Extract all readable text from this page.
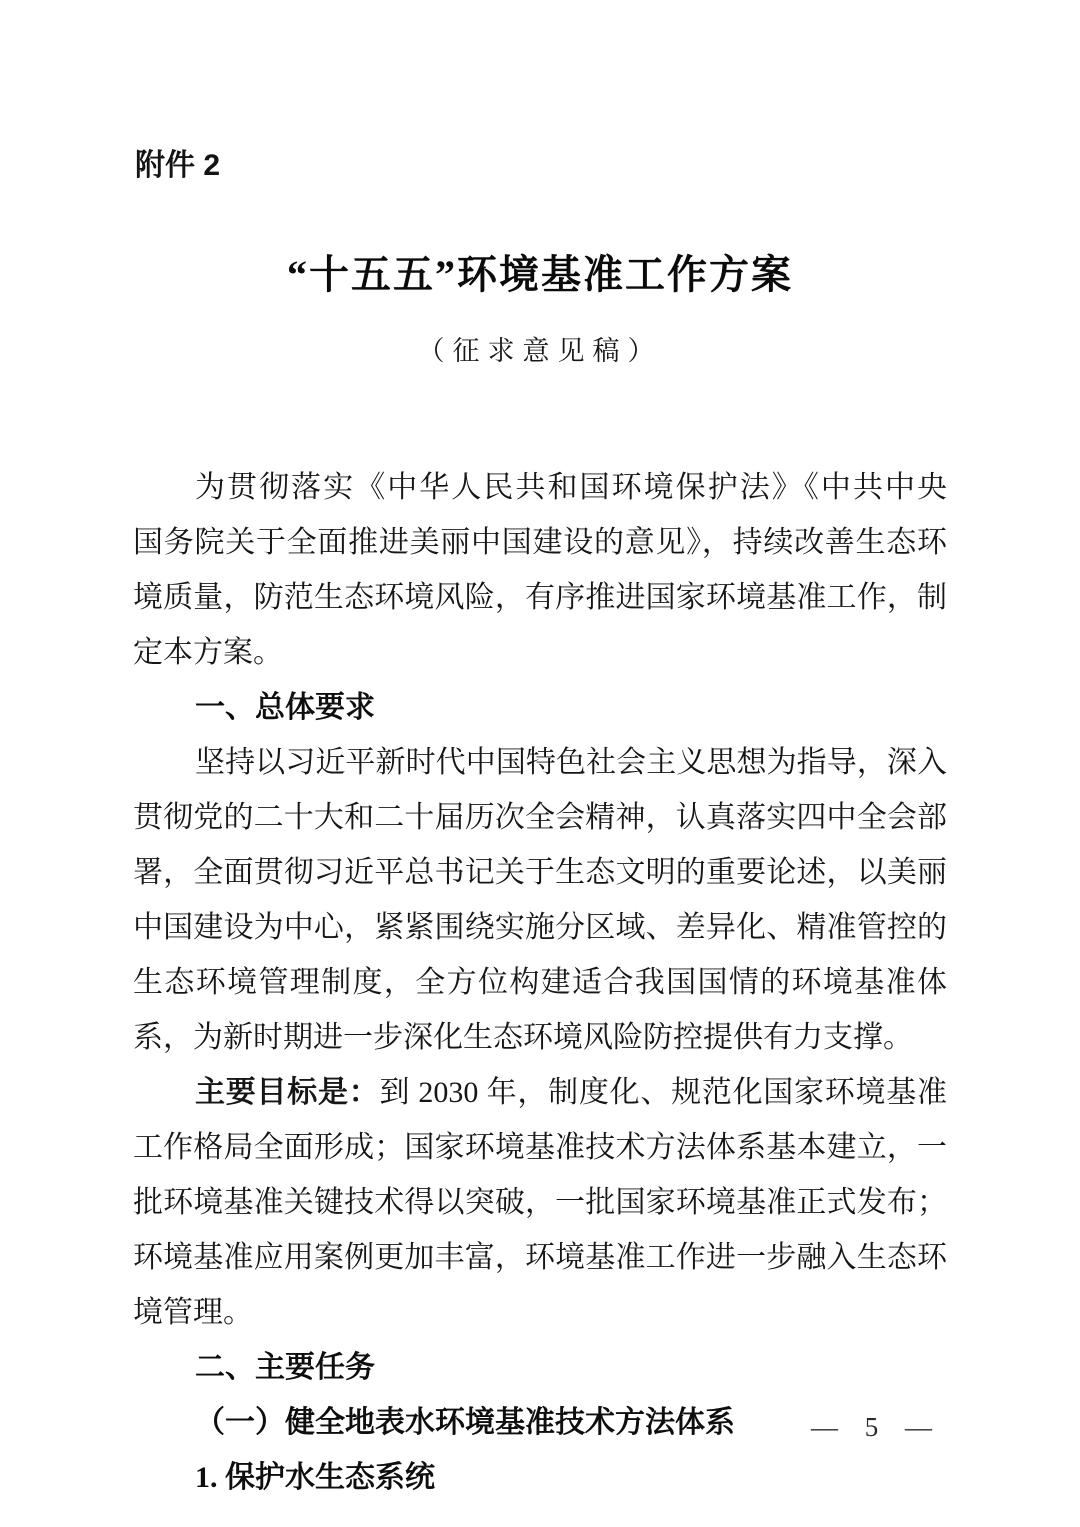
附件 2
“十五五”环境基准工作方案
（征求意见稿）

为贯彻落实《中华人民共和国环境保护法》《中共中央　国务院关于全面推进美丽中国建设的意见》，持续改善生态环境质量，防范生态环境风险，有序推进国家环境基准工作，制定本方案。

一、总体要求

坚持以习近平新时代中国特色社会主义思想为指导，深入贯彻党的二十大和二十届历次全会精神，认真落实四中全会部署，全面贯彻习近平总书记关于生态文明的重要论述，以美丽中国建设为中心，紧紧围绕实施分区域、差异化、精准管控的生态环境管理制度，全方位构建适合我国国情的环境基准体系，为新时期进一步深化生态环境风险防控提供有力支撑。

主要目标是：到 2030 年，制度化、规范化国家环境基准工作格局全面形成；国家环境基准技术方法体系基本建立，一批环境基准关键技术得以突破，一批国家环境基准正式发布；环境基准应用案例更加丰富，环境基准工作进一步融入生态环境管理。

二、主要任务

（一）健全地表水环境基准技术方法体系

1. 保护水生态系统

— 5 —
